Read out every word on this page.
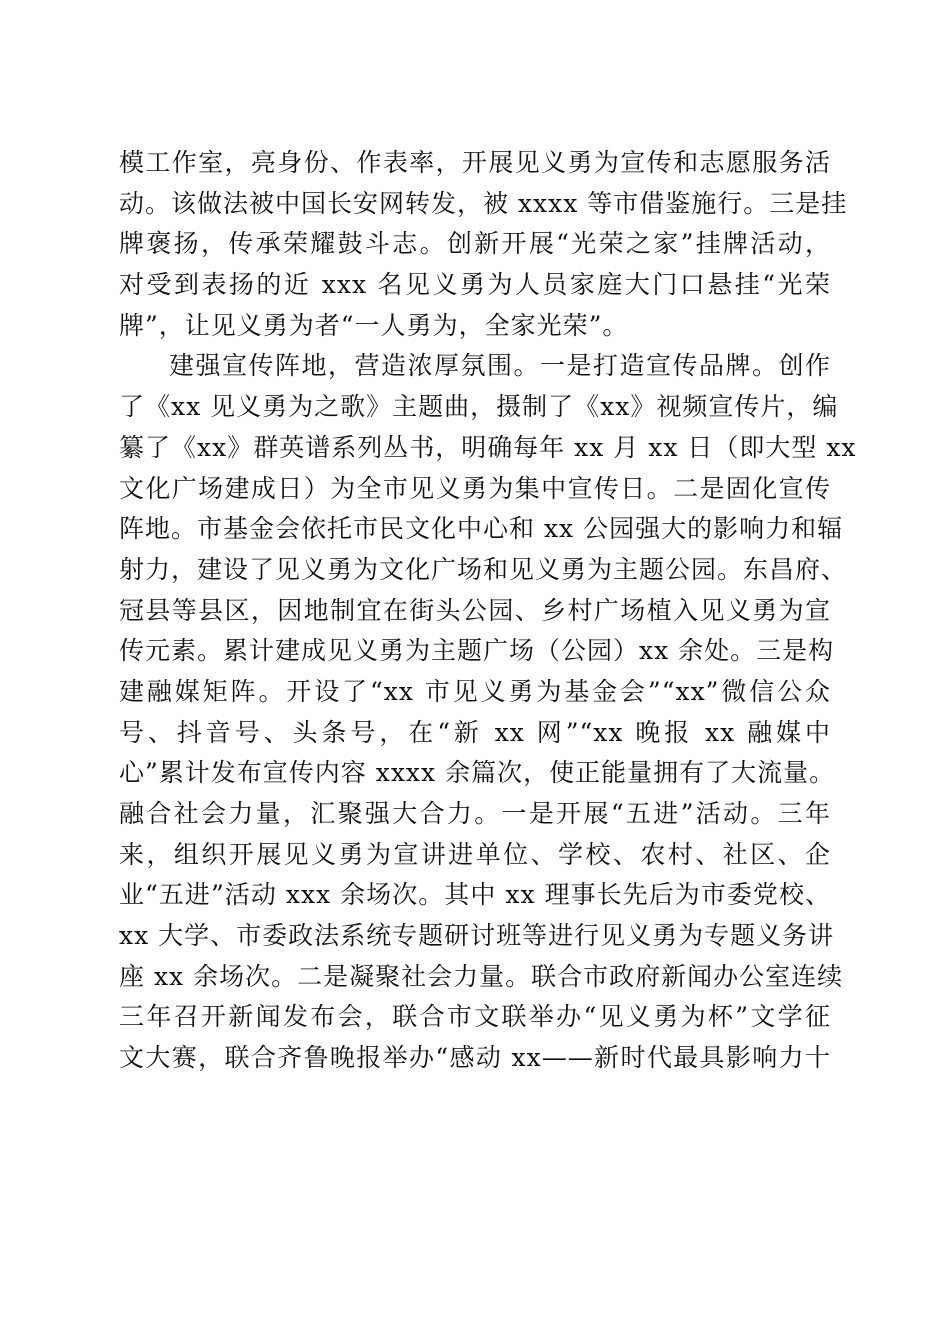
模工作室，亮身份、作表率，开展见义勇为宣传和志愿服务活
动。该做法被中国长安网转发，被 xxxx 等市借鉴施行。三是挂
牌褒扬，传承荣耀鼓斗志。创新开展“光荣之家”挂牌活动，
对受到表扬的近 xxx 名见义勇为人员家庭大门口悬挂“光荣
牌”，让见义勇为者“一人勇为，全家光荣”。
建强宣传阵地，营造浓厚氛围。一是打造宣传品牌。创作
了《xx 见义勇为之歌》主题曲，摄制了《xx》视频宣传片，编
纂了《xx》群英谱系列丛书，明确每年 xx 月 xx 日（即大型 xx
文化广场建成日）为全市见义勇为集中宣传日。二是固化宣传
阵地。市基金会依托市民文化中心和 xx 公园强大的影响力和辐
射力，建设了见义勇为文化广场和见义勇为主题公园。东昌府、
冠县等县区，因地制宜在街头公园、乡村广场植入见义勇为宣
传元素。累计建成见义勇为主题广场（公园）xx 余处。三是构
建融媒矩阵。开设了“xx 市见义勇为基金会”“xx”微信公众
号、抖音号、头条号，在“新 xx 网”“xx 晚报 xx 融媒中
心”累计发布宣传内容 xxxx 余篇次，使正能量拥有了大流量。
融合社会力量，汇聚强大合力。一是开展“五进”活动。三年
来，组织开展见义勇为宣讲进单位、学校、农村、社区、企
业“五进”活动 xxx 余场次。其中 xx 理事长先后为市委党校、
xx 大学、市委政法系统专题研讨班等进行见义勇为专题义务讲
座 xx 余场次。二是凝聚社会力量。联合市政府新闻办公室连续
三年召开新闻发布会，联合市文联举办“见义勇为杯”文学征
文大赛，联合齐鲁晚报举办“感动 xx——新时代最具影响力十
